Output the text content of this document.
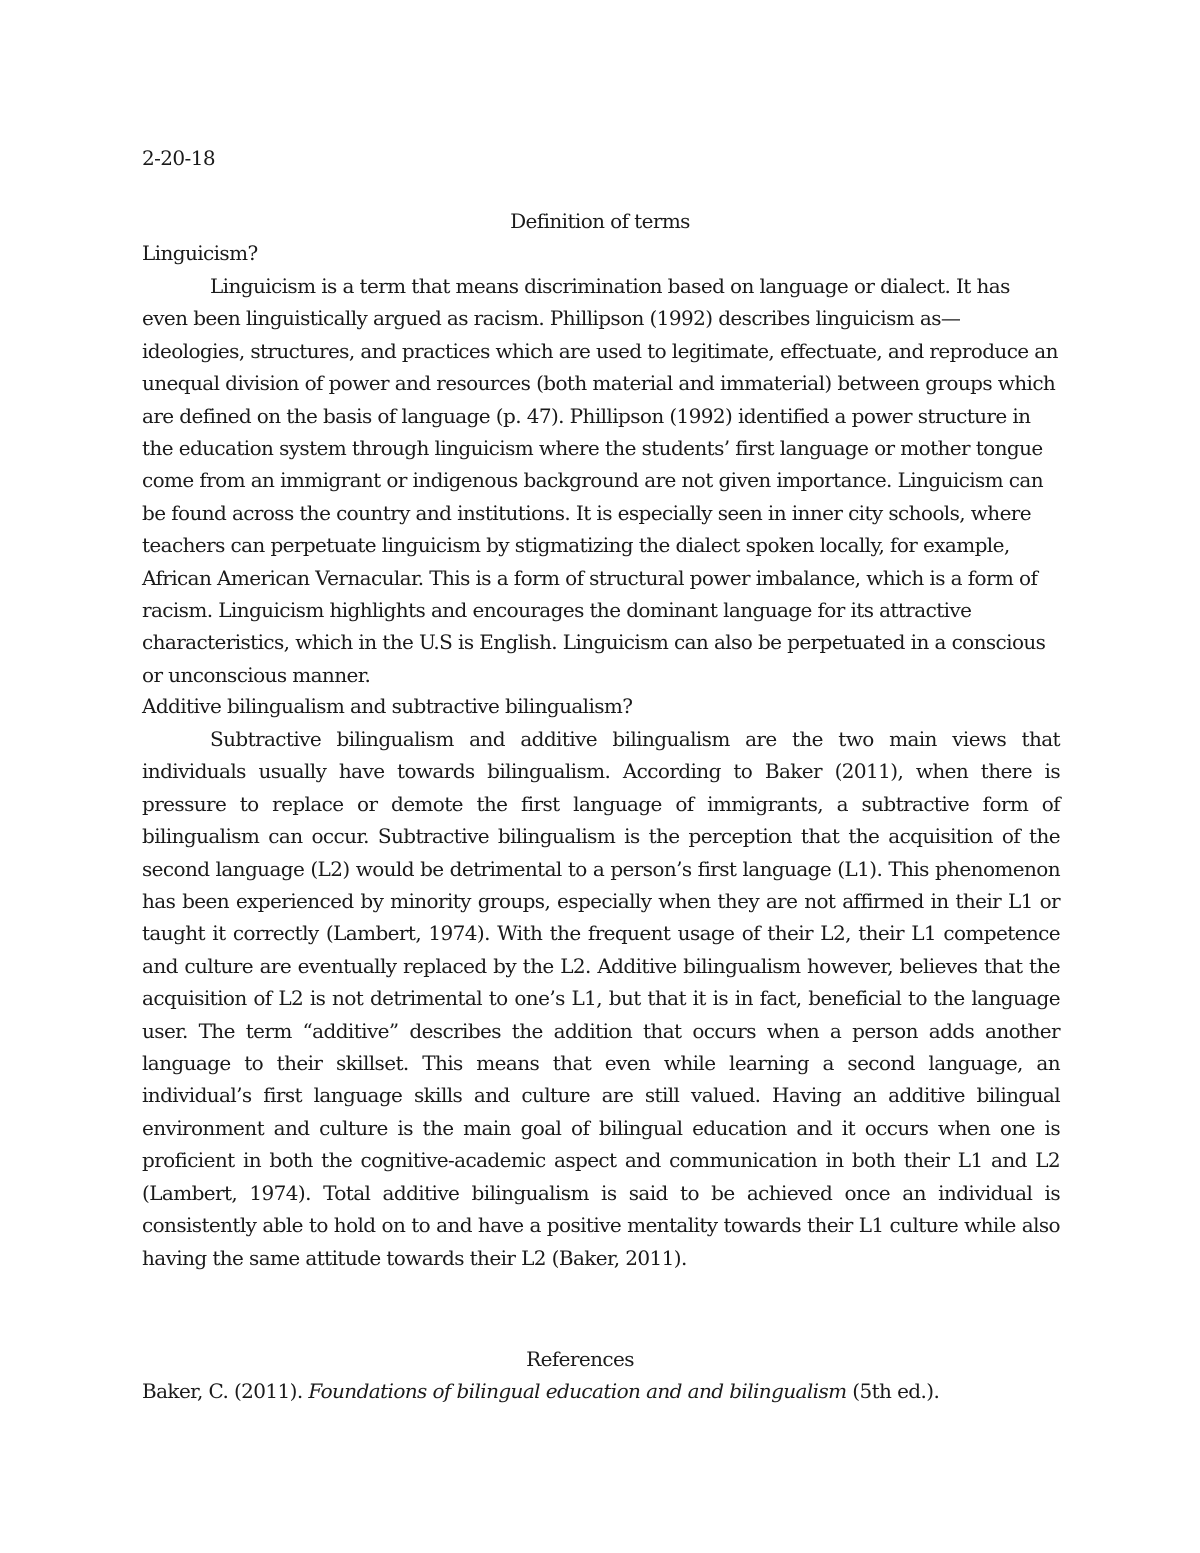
2-20-18
Definition of terms
Linguicism?

Linguicism is a term that means discrimination based on language or dialect. It has even been linguistically argued as racism. Phillipson (1992) describes linguicism as—ideologies, structures, and practices which are used to legitimate, effectuate, and reproduce an unequal division of power and resources (both material and immaterial) between groups which are defined on the basis of language (p. 47). Phillipson (1992) identified a power structure in the education system through linguicism where the students’ first language or mother tongue come from an immigrant or indigenous background are not given importance. Linguicism can be found across the country and institutions. It is especially seen in inner city schools, where teachers can perpetuate linguicism by stigmatizing the dialect spoken locally, for example, African American Vernacular. This is a form of structural power imbalance, which is a form of racism. Linguicism highlights and encourages the dominant language for its attractive characteristics, which in the U.S is English. Linguicism can also be perpetuated in a conscious or unconscious manner.

Additive bilingualism and subtractive bilingualism?

Subtractive bilingualism and additive bilingualism are the two main views that individuals usually have towards bilingualism. According to Baker (2011), when there is pressure to replace or demote the first language of immigrants, a subtractive form of bilingualism can occur. Subtractive bilingualism is the perception that the acquisition of the second language (L2) would be detrimental to a person’s first language (L1). This phenomenon has been experienced by minority groups, especially when they are not affirmed in their L1 or taught it correctly (Lambert, 1974). With the frequent usage of their L2, their L1 competence and culture are eventually replaced by the L2. Additive bilingualism however, believes that the acquisition of L2 is not detrimental to one’s L1, but that it is in fact, beneficial to the language user. The term “additive” describes the addition that occurs when a person adds another language to their skillset. This means that even while learning a second language, an individual’s first language skills and culture are still valued. Having an additive bilingual environment and culture is the main goal of bilingual education and it occurs when one is proficient in both the cognitive-academic aspect and communication in both their L1 and L2 (Lambert, 1974). Total additive bilingualism is said to be achieved once an individual is consistently able to hold on to and have a positive mentality towards their L1 culture while also having the same attitude towards their L2 (Baker, 2011).

References
Baker, C. (2011). Foundations of bilingual education and and bilingualism (5th ed.).
